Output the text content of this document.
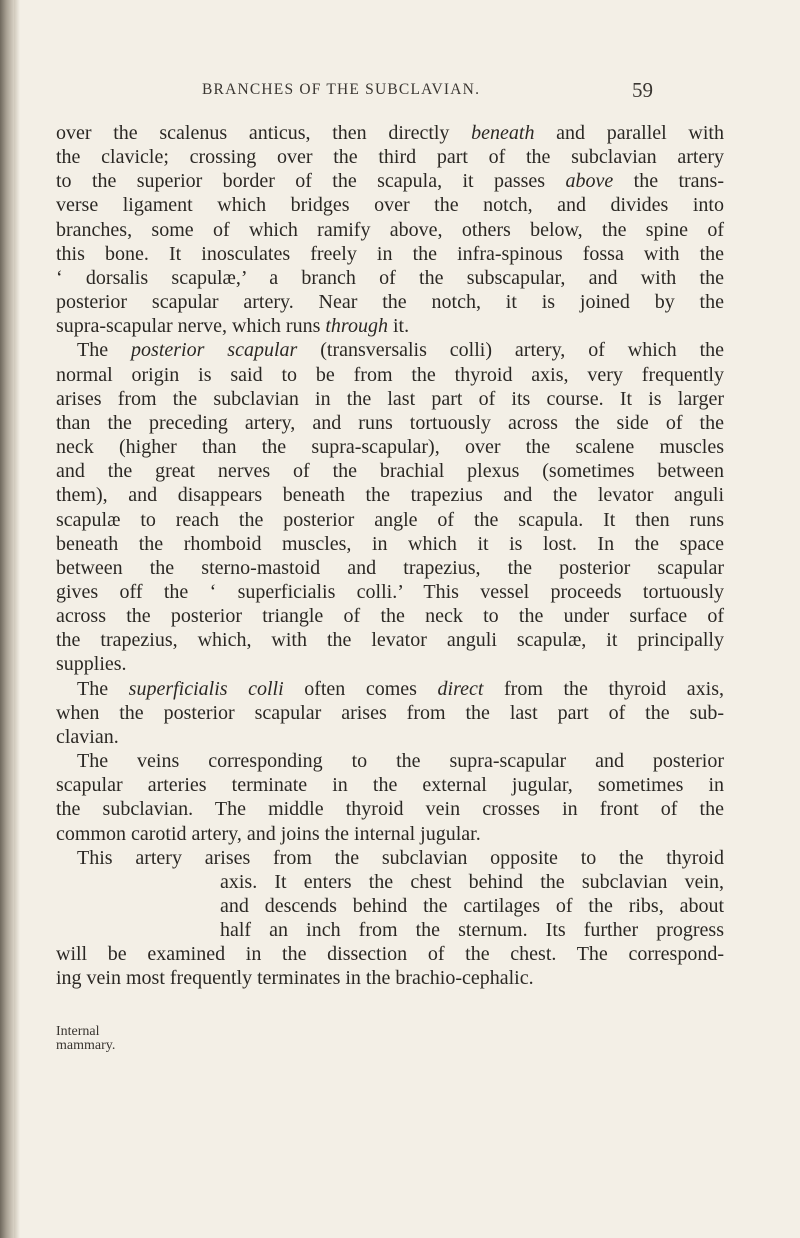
BRANCHES OF THE SUBCLAVIAN.	59
over the scalenus anticus, then directly beneath and parallel with
the clavicle; crossing over the third part of the subclavian artery
to the superior border of the scapula, it passes above the trans-
verse ligament which bridges over the notch, and divides into
branches, some of which ramify above, others below, the spine of
this bone. It inosculates freely in the infra-spinous fossa with the
‘ dorsalis scapulæ,’ a branch of the subscapular, and with the
posterior scapular artery. Near the notch, it is joined by the
supra-scapular nerve, which runs through it.
The posterior scapular (transversalis colli) artery, of which the
normal origin is said to be from the thyroid axis, very frequently
arises from the subclavian in the last part of its course. It is larger
than the preceding artery, and runs tortuously across the side of the
neck (higher than the supra-scapular), over the scalene muscles
and the great nerves of the brachial plexus (sometimes between
them), and disappears beneath the trapezius and the levator anguli
scapulæ to reach the posterior angle of the scapula. It then runs
beneath the rhomboid muscles, in which it is lost. In the space
between the sterno-mastoid and trapezius, the posterior scapular
gives off the ‘ superficialis colli.’ This vessel proceeds tortuously
across the posterior triangle of the neck to the under surface of
the trapezius, which, with the levator anguli scapulæ, it principally
supplies.
The superficialis colli often comes direct from the thyroid axis,
when the posterior scapular arises from the last part of the sub-
clavian.
The veins corresponding to the supra-scapular and posterior
scapular arteries terminate in the external jugular, sometimes in
the subclavian. The middle thyroid vein crosses in front of the
common carotid artery, and joins the internal jugular.
This artery arises from the subclavian opposite to the thyroid
axis. It enters the chest behind the subclavian vein,
and descends behind the cartilages of the ribs, about
half an inch from the sternum. Its further progress
will be examined in the dissection of the chest. The correspond-
ing vein most frequently terminates in the brachio-cephalic.
Internal
mammary.
